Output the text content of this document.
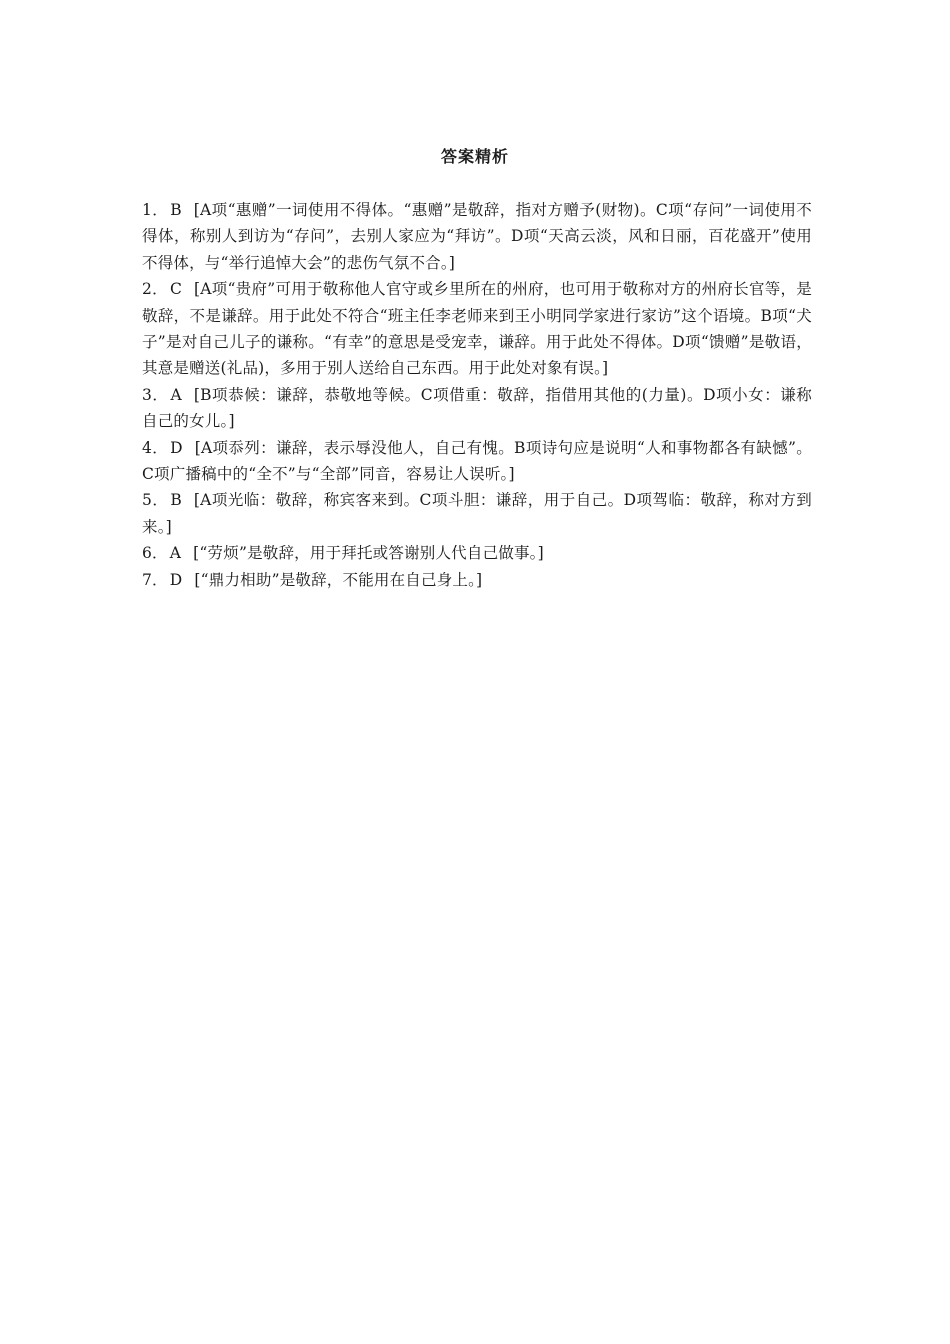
答案精析

1． B [A项“惠赠”一词使用不得体。“惠赠”是敬辞，指对方赠予(财物)。C项“存问”一词使用不得体，称别人到访为“存问”，去别人家应为“拜访”。D项“天高云淡，风和日丽，百花盛开”使用不得体，与“举行追悼大会”的悲伤气氛不合。]

2． C [A项“贵府”可用于敬称他人官守或乡里所在的州府，也可用于敬称对方的州府长官等，是敬辞，不是谦辞。用于此处不符合“班主任李老师来到王小明同学家进行家访”这个语境。B项“犬子”是对自己儿子的谦称。“有幸”的意思是受宠幸，谦辞。用于此处不得体。D项“馈赠”是敬语，其意是赠送(礼品)，多用于别人送给自己东西。用于此处对象有误。]

3． A [B项恭候：谦辞，恭敬地等候。C项借重：敬辞，指借用其他的(力量)。D项小女：谦称自己的女儿。]

4． D [A项忝列：谦辞，表示辱没他人，自己有愧。B项诗句应是说明“人和事物都各有缺憾”。C项广播稿中的“全不”与“全部”同音，容易让人误听。]

5． B [A项光临：敬辞，称宾客来到。C项斗胆：谦辞，用于自己。D项驾临：敬辞，称对方到来。]

6． A [“劳烦”是敬辞，用于拜托或答谢别人代自己做事。]

7． D [“鼎力相助”是敬辞，不能用在自己身上。]
